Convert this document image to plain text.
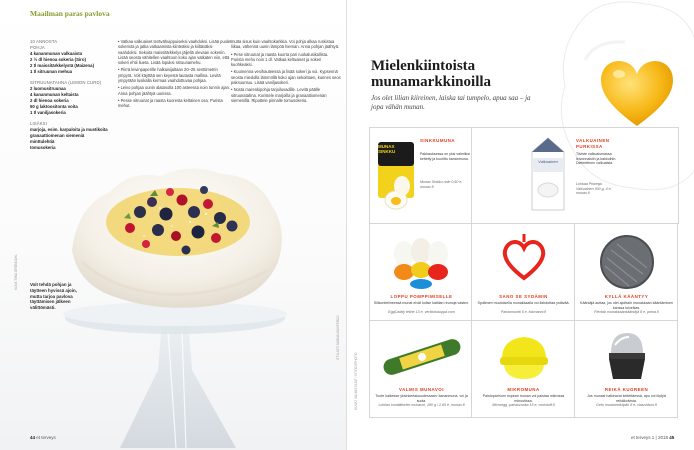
Maailman paras pavlova
10 ANNOSTA
POHJA
4 kananmunan valkuaista
2 ½ dl hienoa sokeria (Siro)
2 tl maissitärkkelystä (Maizena)
1 tl sitruunan mehua
SITRUUNATAHNA (LEMON CURD)
2 luomusitruunaa
4 kananmunan keltaista
2 dl hienoa sokeria
50 g laktoositonta voita
1 tl vaniljasokeria
LISÄKSI
marjoja, esim. karpaloita ja mustikoita
granaattiomenan siemeniä
minttulehtiä
tomusokeria

• Vatkaa valkuaiset terävähuippuiseksi vaahdoksi. Lisää puolet sokerista ja jatka vatkaamista kiinteäksi ja kiiltäväksi vaahdoksi. Sekoita maissitärkkelys jäljellä olevaan sokeriin. Lisää seosta vähitellen vaahtoon koko ajan vatkaten niin, että sokeri ehtii liueta. Lisää lopuksi sitruunamehu.

• Piirrä leivinpaperille halkaisijaltaan 20–25 senttimetrin ympyrä. Voit käyttää sen keyestä lautasta mallina. Levitä ympyrään lusikalla kermaa vaahdottuvaa pohjaa.

• Leivo pohjaa uunin alatasolla 100 asteessa noin tunnin ajan. Anna pohjan jäähtyä uunissa.

• Pesse sitruunat ja raasta kuoresta keltainen osa. Purista mehut.

mutta sisus kuin vaahtokarkkia. Voi pohja alkaa ruskistua liikaa, vähennä uunin lämpöä hieman. Anna pohjan jäähtyä.

• Pese sitruunat ja raasta kuorta pari ruokalusikallista. Purista mehu noin 1 dl. Vatkaa keltuaiset ja sokeri kuohkeaksi.

• Kuumenna vesihauteessa ja lisää sokeri ja voi. Kypsennä seosta miedolla lämmöllä koko ajan sekoittaen, kunnes seos paksuuntuu. Lisää vaniljasokeri.

• Nosta marenkipohja tarjoiluvadille. Levitä päälle sitruunatahna. Koristele marjoilla ja granaattiomenan siemenillä. Ripottele pinnalle tomusokeria.

Voit tehdä pohjan ja täytteen hyvissä ajoin, mutta tarjoa pavlova täyttämisen jälkeen välittömästi.
KUVA TIINA GRÖNDAHL
STYLISTI SANNA MUNTERUD
44 et terveys
Mielenkiintoista munamarkkinoilla
Jos olet lilian kiireinen, laiska tai tumpelo, apua saa – ja jopa vähän munan.
MUNAX SINKKU
SINKKUMUNA
Pakkauksessa on yksi valmiiksi keitetty ja kuorittu kananmuna.
Munax Sinkku noin 0,60 e, munax.fi
Valkuainen
VALKUAINEN PURKISSA
Tiiviste valkuaismassa leivonnaisiin ja kakkuihin. Dieteettinen valkuaista.
Lohkaa Priwega Valkuainen 500 g, 4 e, munax.fi
LOPPU POMPPIMISELLE
Silikonitelineessä munat eivät kolise kattilan reunoja vasten.
EggCaddy teline 13 e, verkkokauppa.com
SANO SE SYDÄMIN
Sydämen muotoisella munakkaalla voi ilahduttaa ystävää.
Paistomuotti 5 e, tokmanni.fi
KYLLÄ KÄÄNTYY
Kääntäjä auttaa, jos olet ajoittain munakkaan kääntämisen kanssa toiveikas.
Flexfab munakkaankääntäjä 8 e, prima.fi
VALMIS MUNAVOI
Tuote kaikesse yksinkertaisuudessaan: kananmuna, voi ja suola.
Lohilan kondiittorien munavoi, 180 g / 2,65 e, munax.fi
MIKROMUNA
Paistoparirium nopean munan voi paistaa mikrossa minuutissa.
Microegg -paistovuoka 15 e, coolstuff.fi
REIKÄ KUOREEN
Jos munasi halkeavat keitettäessä, apu voi löytyä reikäkolvista.
Gefu munanreikäpiiri 8 e, clasohlson.fi
KUVAT VALMISTAJAT / ISTOCKPHOTO
et terveys 1 | 2018 45
